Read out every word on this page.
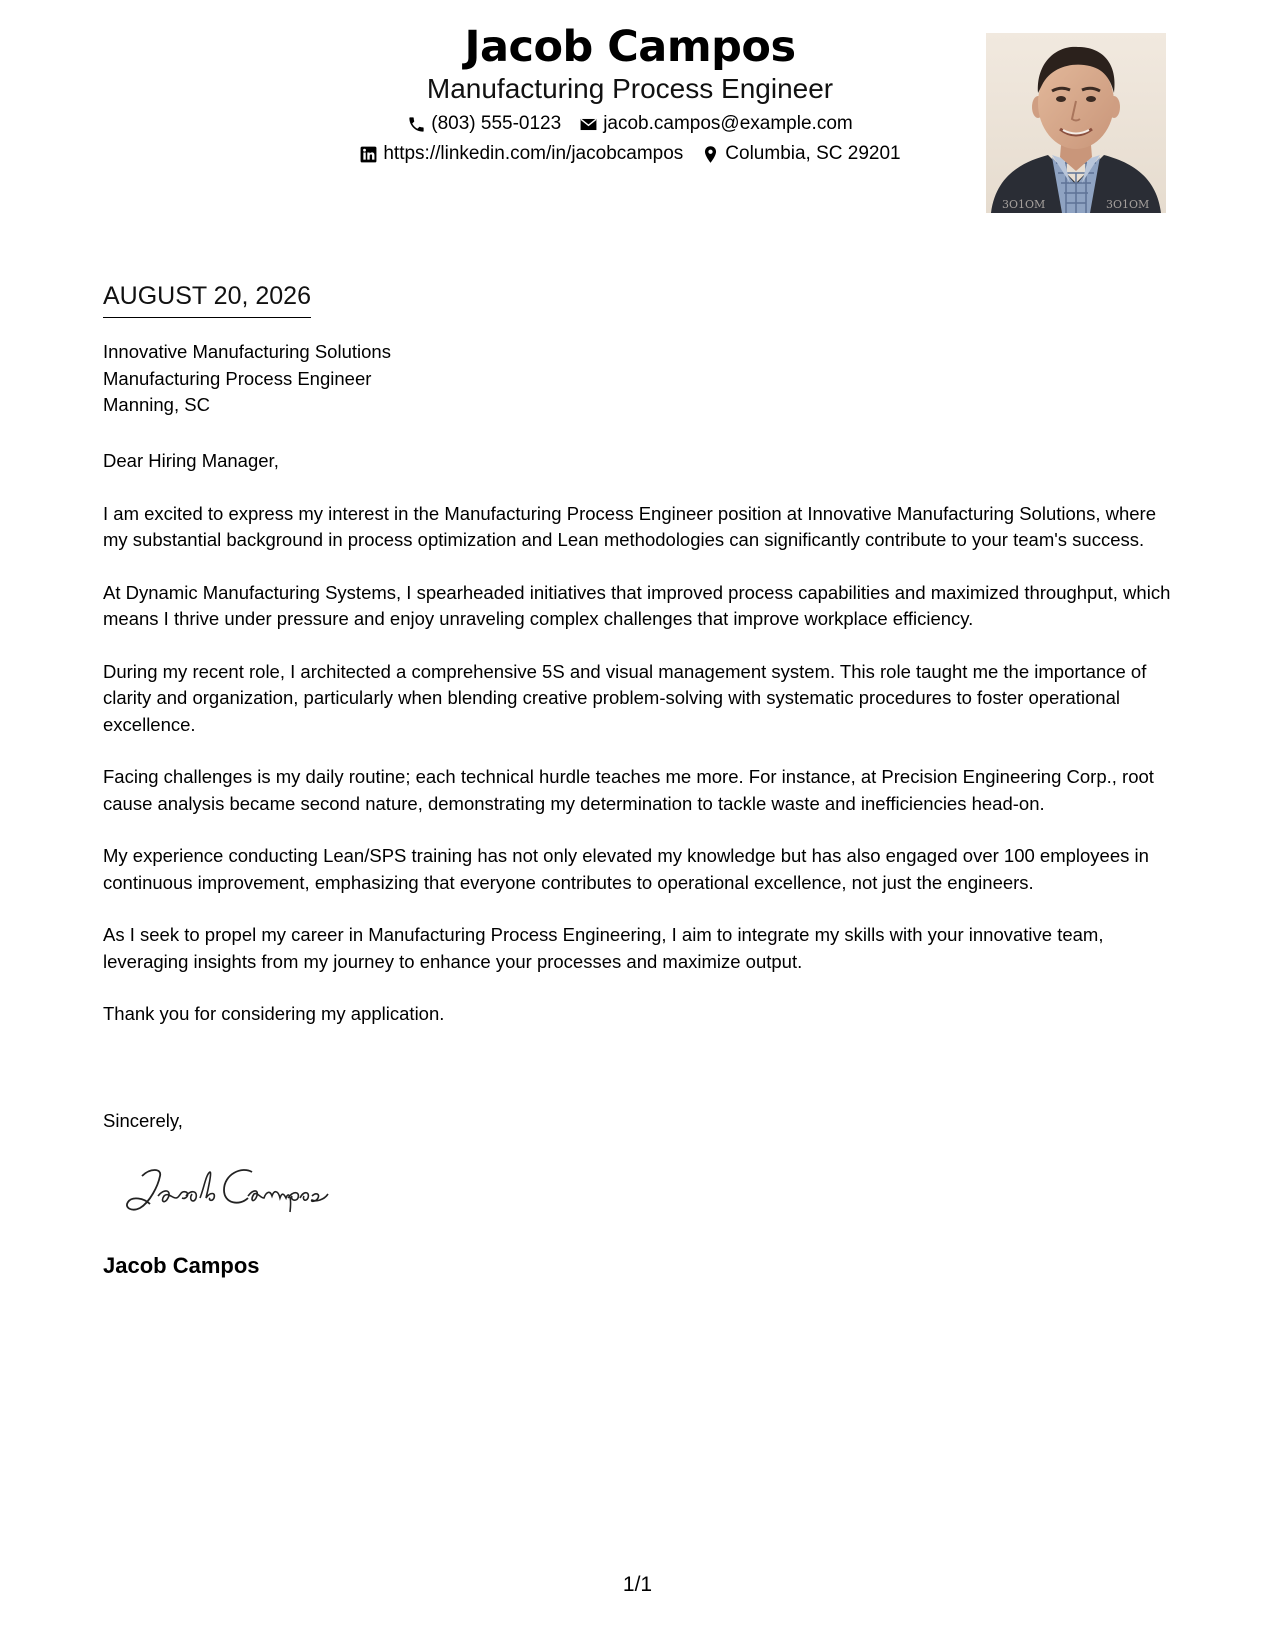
Jacob Campos
Manufacturing Process Engineer
(803) 555-0123 jacob.campos@example.com
https://linkedin.com/in/jacobcampos Columbia, SC 29201
3O1OM	3O1OM
AUGUST 20, 2026
Innovative Manufacturing Solutions
Manufacturing Process Engineer
Manning, SC

Dear Hiring Manager,

I am excited to express my interest in the Manufacturing Process Engineer position at Innovative Manufacturing Solutions, where my substantial background in process optimization and Lean methodologies can significantly contribute to your team's success.

At Dynamic Manufacturing Systems, I spearheaded initiatives that improved process capabilities and maximized throughput, which means I thrive under pressure and enjoy unraveling complex challenges that improve workplace efficiency.

During my recent role, I architected a comprehensive 5S and visual management system. This role taught me the importance of clarity and organization, particularly when blending creative problem-solving with systematic procedures to foster operational excellence.

Facing challenges is my daily routine; each technical hurdle teaches me more. For instance, at Precision Engineering Corp., root cause analysis became second nature, demonstrating my determination to tackle waste and inefficiencies head-on.

My experience conducting Lean/SPS training has not only elevated my knowledge but has also engaged over 100 employees in continuous improvement, emphasizing that everyone contributes to operational excellence, not just the engineers.

As I seek to propel my career in Manufacturing Process Engineering, I aim to integrate my skills with your innovative team, leveraging insights from my journey to enhance your processes and maximize output.

Thank you for considering my application.

Sincerely,
Jacob Campos
1/1
